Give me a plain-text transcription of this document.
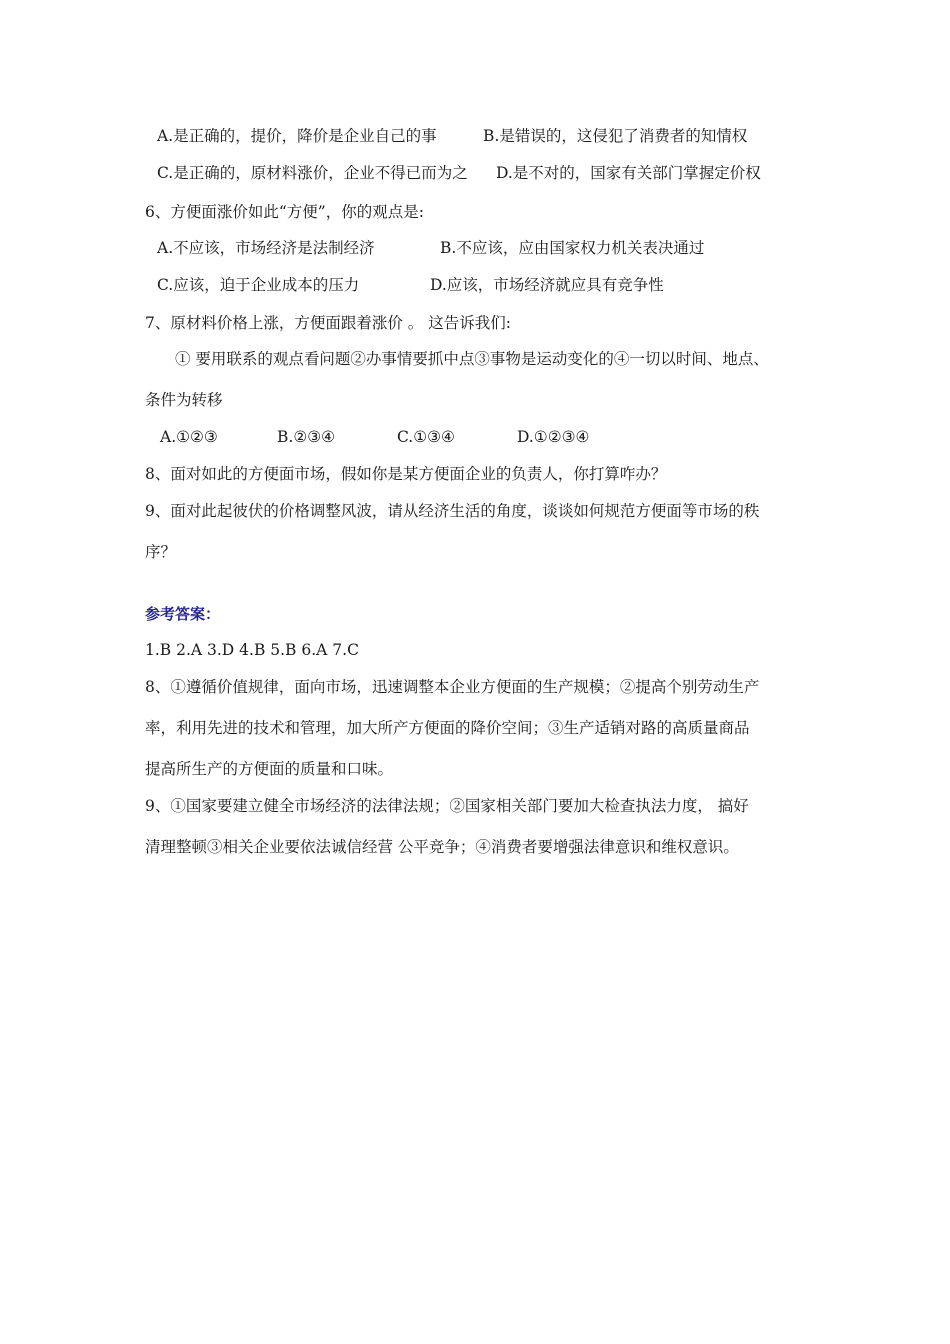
A.是正确的，提价，降价是企业自己的事	B.是错误的，这侵犯了消费者的知情权
C.是正确的，原材料涨价，企业不得已而为之 D.是不对的，国家有关部门掌握定价权
6、方便面涨价如此“方便”，你的观点是:
A.不应该，市场经济是法制经济	B.不应该，应由国家权力机关表决通过
C.应该，迫于企业成本的压力	D.应该，市场经济就应具有竞争性
7、原材料价格上涨，方便面跟着涨价 。 这告诉我们:
① 要用联系的观点看问题②办事情要抓中点③事物是运动变化的④一切以时间、地点、
条件为转移
A.①②③	B.②③④	C.①③④	D.①②③④
8、面对如此的方便面市场，假如你是某方便面企业的负责人，你打算咋办？
9、面对此起彼伏的价格调整风波，请从经济生活的角度，谈谈如何规范方便面等市场的秩
序？
参考答案：
1.B 2.A 3.D 4.B 5.B 6.A 7.C
8、①遵循价值规律，面向市场，迅速调整本企业方便面的生产规模；②提高个别劳动生产
率，利用先进的技术和管理，加大所产方便面的降价空间；③生产适销对路的高质量商品
提高所生产的方便面的质量和口味。
9、①国家要建立健全市场经济的法律法规；②国家相关部门要加大检查执法力度， 搞好
清理整顿③相关企业要依法诚信经营 公平竞争；④消费者要增强法律意识和维权意识。
